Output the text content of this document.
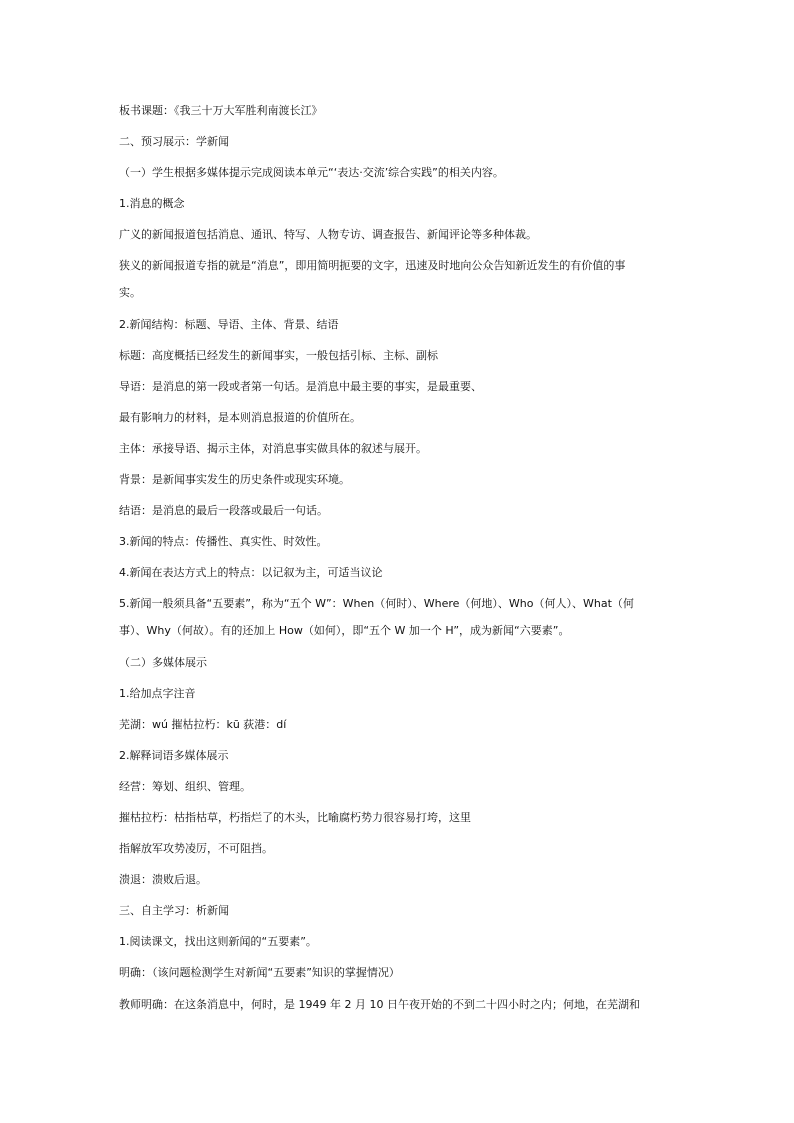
板书课题：《我三十万大军胜利南渡长江》

二、预习展示：学新闻

（一）学生根据多媒体提示完成阅读本单元“‘表达·交流’综合实践”的相关内容。

1.消息的概念

广义的新闻报道包括消息、通讯、特写、人物专访、调查报告、新闻评论等多种体裁。

狭义的新闻报道专指的就是“消息”，即用简明扼要的文字，迅速及时地向公众告知新近发生的有价值的事

实。

2.新闻结构：标题、导语、主体、背景、结语

标题：高度概括已经发生的新闻事实，一般包括引标、主标、副标

导语：是消息的第一段或者第一句话。是消息中最主要的事实，是最重要、

最有影响力的材料，是本则消息报道的价值所在。

主体：承接导语、揭示主体，对消息事实做具体的叙述与展开。

背景：是新闻事实发生的历史条件或现实环境。

结语：是消息的最后一段落或最后一句话。

3.新闻的特点：传播性、真实性、时效性。

4.新闻在表达方式上的特点：以记叙为主，可适当议论

5.新闻一般须具备“五要素”，称为“五个 W”：When（何时）、Where（何地）、Who（何人）、What（何

事）、Why（何故）。有的还加上 How（如何），即“五个 W 加一个 H”，成为新闻“六要素”。

（二）多媒体展示

1.给加点字注音

芜湖：wú 摧枯拉朽：kū 荻港：dí

2.解释词语多媒体展示

经营：筹划、组织、管理。

摧枯拉朽：枯指枯草，朽指烂了的木头，比喻腐朽势力很容易打垮，这里

指解放军攻势凌厉，不可阻挡。

溃退：溃败后退。

三、自主学习：析新闻

1.阅读课文，找出这则新闻的“五要素”。

明确：（该问题检测学生对新闻“五要素”知识的掌握情况）

教师明确：在这条消息中，何时，是 1949 年 2 月 10 日午夜开始的不到二十四小时之内；何地，在芜湖和
